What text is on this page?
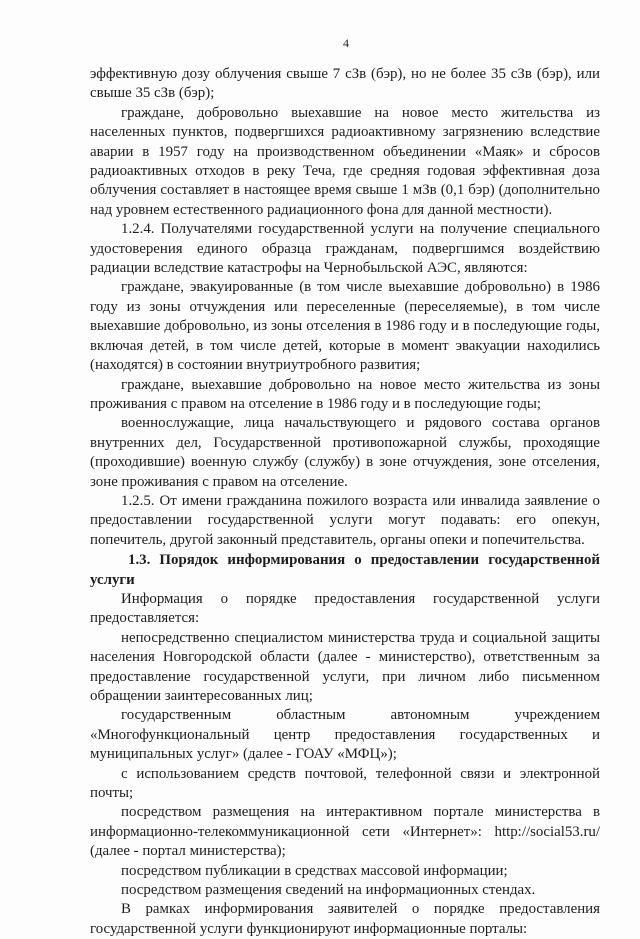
4

эффективную дозу облучения свыше 7 сЗв (бэр), но не более 35 сЗв (бэр), или свыше 35 сЗв (бэр);

граждане, добровольно выехавшие на новое место жительства из населенных пунктов, подвергшихся радиоактивному загрязнению вследствие аварии в 1957 году на производственном объединении «Маяк» и сбросов радиоактивных отходов в реку Теча, где средняя годовая эффективная доза облучения составляет в настоящее время свыше 1 мЗв (0,1 бэр) (дополнительно над уровнем естественного радиационного фона для данной местности).

1.2.4. Получателями государственной услуги на получение специального удостоверения единого образца гражданам, подвергшимся воздействию радиации вследствие катастрофы на Чернобыльской АЭС, являются:

граждане, эвакуированные (в том числе выехавшие добровольно) в 1986 году из зоны отчуждения или переселенные (переселяемые), в том числе выехавшие добровольно, из зоны отселения в 1986 году и в последующие годы, включая детей, в том числе детей, которые в момент эвакуации находились (находятся) в состоянии внутриутробного развития;

граждане, выехавшие добровольно на новое место жительства из зоны проживания с правом на отселение в 1986 году и в последующие годы;

военнослужащие, лица начальствующего и рядового состава органов внутренних дел, Государственной противопожарной службы, проходящие (проходившие) военную службу (службу) в зоне отчуждения, зоне отселения, зоне проживания с правом на отселение.

1.2.5. От имени гражданина пожилого возраста или инвалида заявление о предоставлении государственной услуги могут подавать: его опекун, попечитель, другой законный представитель, органы опеки и попечительства.

1.3. Порядок информирования о предоставлении государственной услуги

Информация о порядке предоставления государственной услуги предоставляется:

непосредственно специалистом министерства труда и социальной защиты населения Новгородской области (далее - министерство), ответственным за предоставление государственной услуги, при личном либо письменном обращении заинтересованных лиц;

государственным областным автономным учреждением «Многофункциональный центр предоставления государственных и муниципальных услуг» (далее - ГОАУ «МФЦ»);

с использованием средств почтовой, телефонной связи и электронной почты;

посредством размещения на интерактивном портале министерства в информационно-телекоммуникационной сети «Интернет»: http://social53.ru/ (далее - портал министерства);

посредством публикации в средствах массовой информации;

посредством размещения сведений на информационных стендах.

В рамках информирования заявителей о порядке предоставления государственной услуги функционируют информационные порталы:
